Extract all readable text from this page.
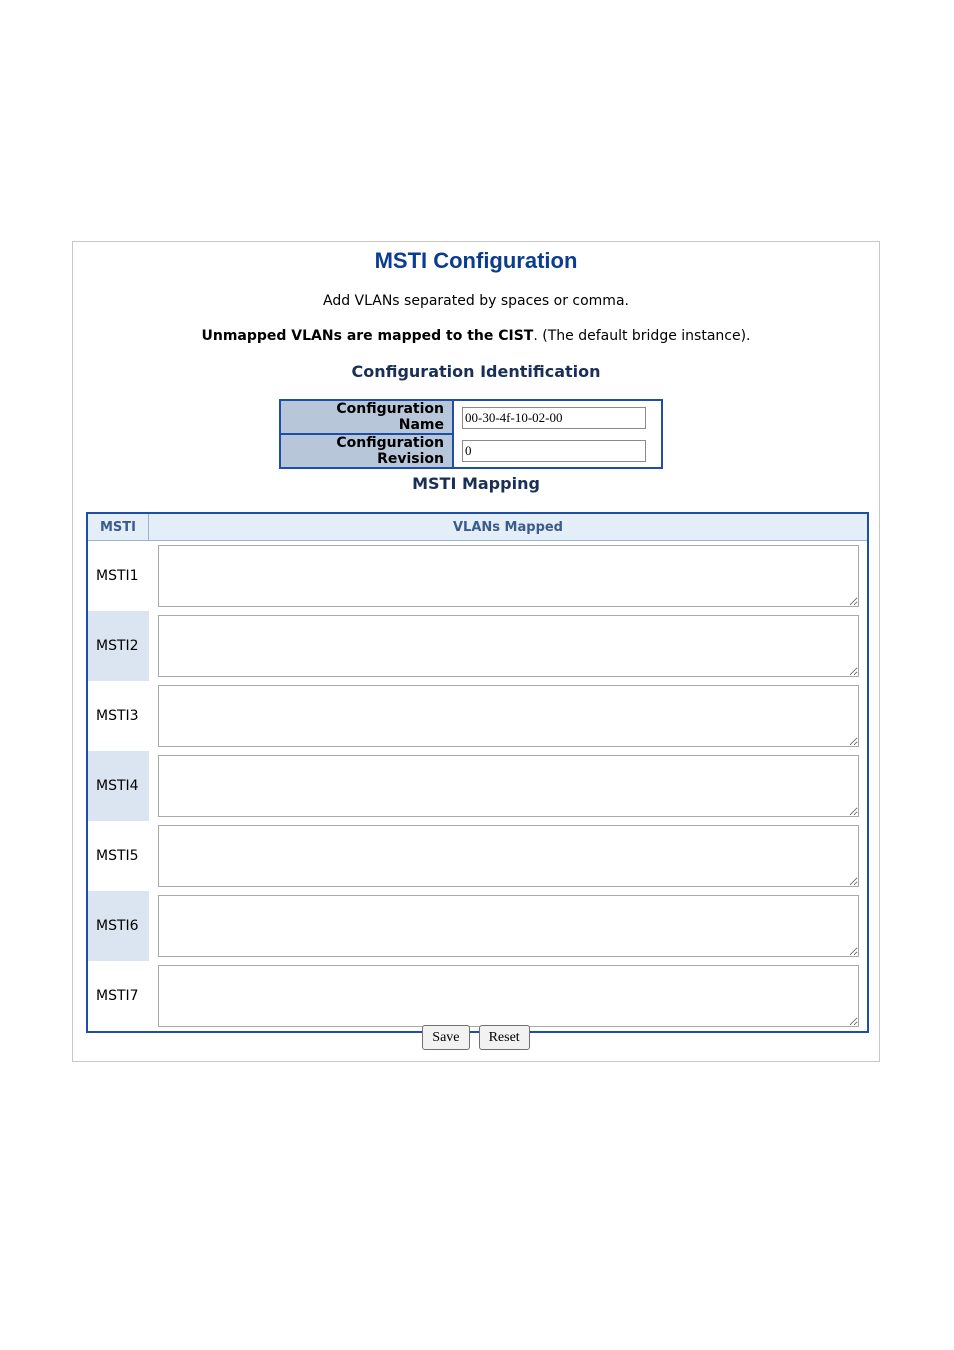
MSTI Configuration
Add VLANs separated by spaces or comma.
Unmapped VLANs are mapped to the CIST. (The default bridge instance).
Configuration Identification
Configuration Name	00-30-4f-10-02-00
Configuration Revision	0
MSTI Mapping
MSTI	VLANs Mapped
MSTI1	

MSTI2	

MSTI3	

MSTI4	

MSTI5	

MSTI6	

MSTI7	
Save Reset
